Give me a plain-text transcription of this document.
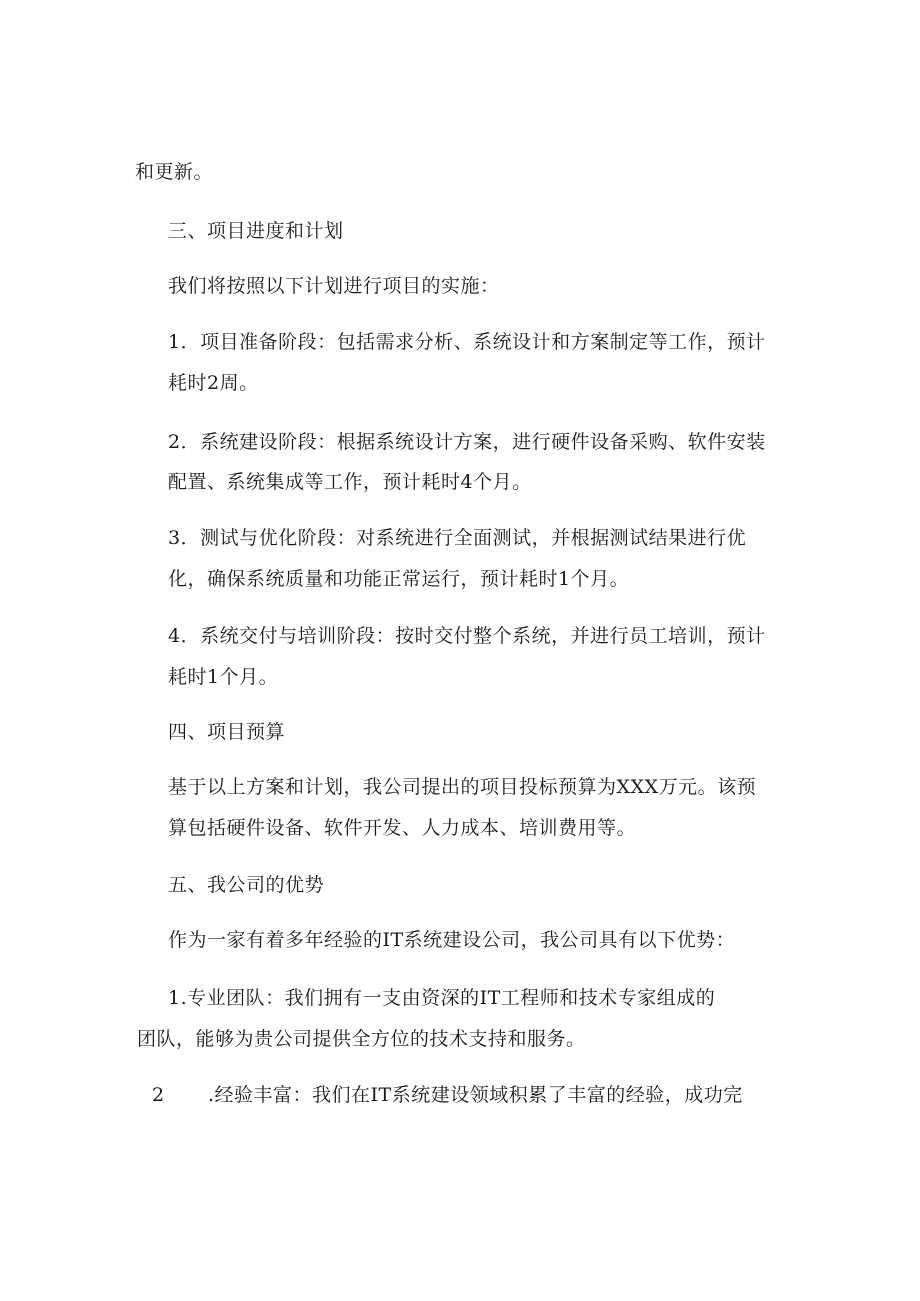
和更新。
三、项目进度和计划
我们将按照以下计划进行项目的实施：
1．项目准备阶段：包括需求分析、系统设计和方案制定等工作，预计
耗时2周。
2．系统建设阶段：根据系统设计方案，进行硬件设备采购、软件安装
配置、系统集成等工作，预计耗时4个月。
3．测试与优化阶段：对系统进行全面测试，并根据测试结果进行优
化，确保系统质量和功能正常运行，预计耗时1个月。
4．系统交付与培训阶段：按时交付整个系统，并进行员工培训，预计
耗时1个月。
四、项目预算
基于以上方案和计划，我公司提出的项目投标预算为XXX万元。该预
算包括硬件设备、软件开发、人力成本、培训费用等。
五、我公司的优势
作为一家有着多年经验的IT系统建设公司，我公司具有以下优势：
1.专业团队：我们拥有一支由资深的IT工程师和技术专家组成的
团队，能够为贵公司提供全方位的技术支持和服务。
2 .经验丰富：我们在IT系统建设领域积累了丰富的经验，成功完
